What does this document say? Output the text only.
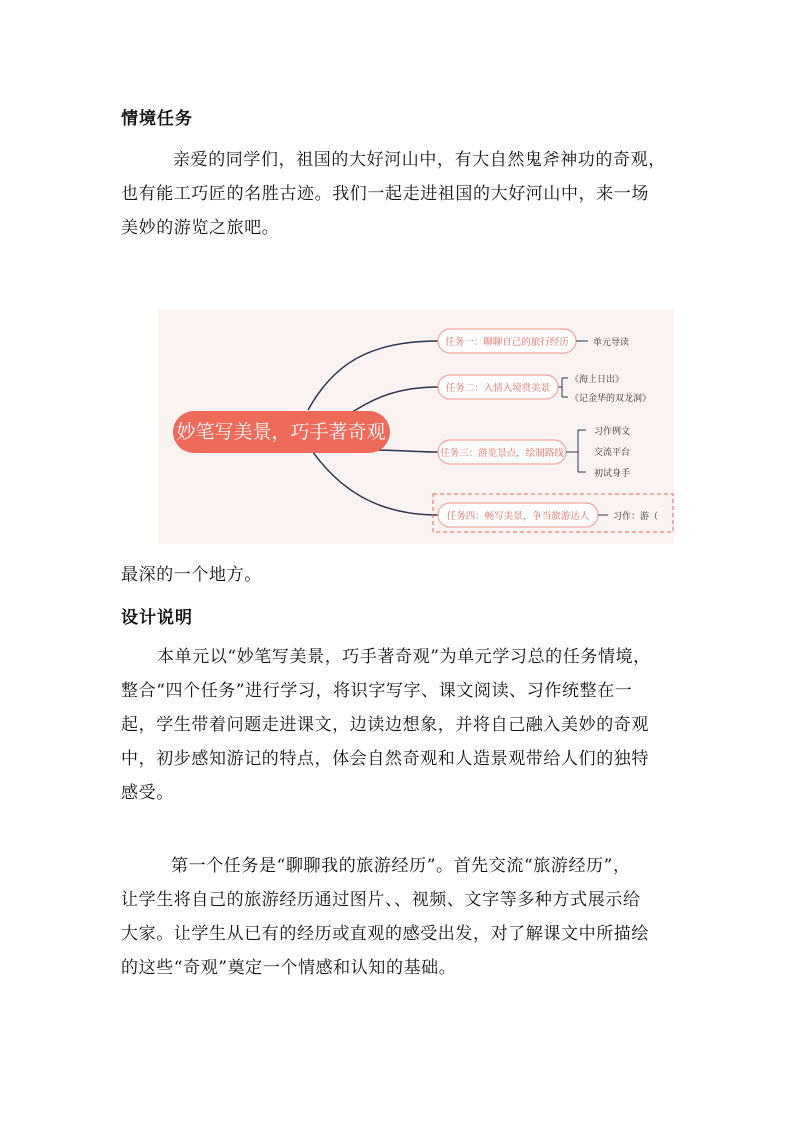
情境任务
亲爱的同学们，祖国的大好河山中，有大自然鬼斧神功的奇观，
也有能工巧匠的名胜古迹。我们一起走进祖国的大好河山中，来一场
美妙的游览之旅吧。
妙笔写美景，巧手著奇观
任务一：聊聊自己的旅行经历	单元导读
任务二：入情入境赏美景
《海上日出》
《记金华的双龙洞》
任务三：游览景点，绘制路线
习作例文
交流平台
初试身手
任务四：畅写美景，争当旅游达人	习作：游（
最深的一个地方。
设计说明
本单元以“妙笔写美景，巧手著奇观”为单元学习总的任务情境，
整合“四个任务”进行学习，将识字写字、课文阅读、习作统整在一
起，学生带着问题走进课文，边读边想象，并将自己融入美妙的奇观
中，初步感知游记的特点，体会自然奇观和人造景观带给人们的独特
感受。
第一个任务是“聊聊我的旅游经历”。首先交流“旅游经历”，
让学生将自己的旅游经历通过图片、、视频、文字等多种方式展示给
大家。让学生从已有的经历或直观的感受出发，对了解课文中所描绘
的这些“奇观”奠定一个情感和认知的基础。
